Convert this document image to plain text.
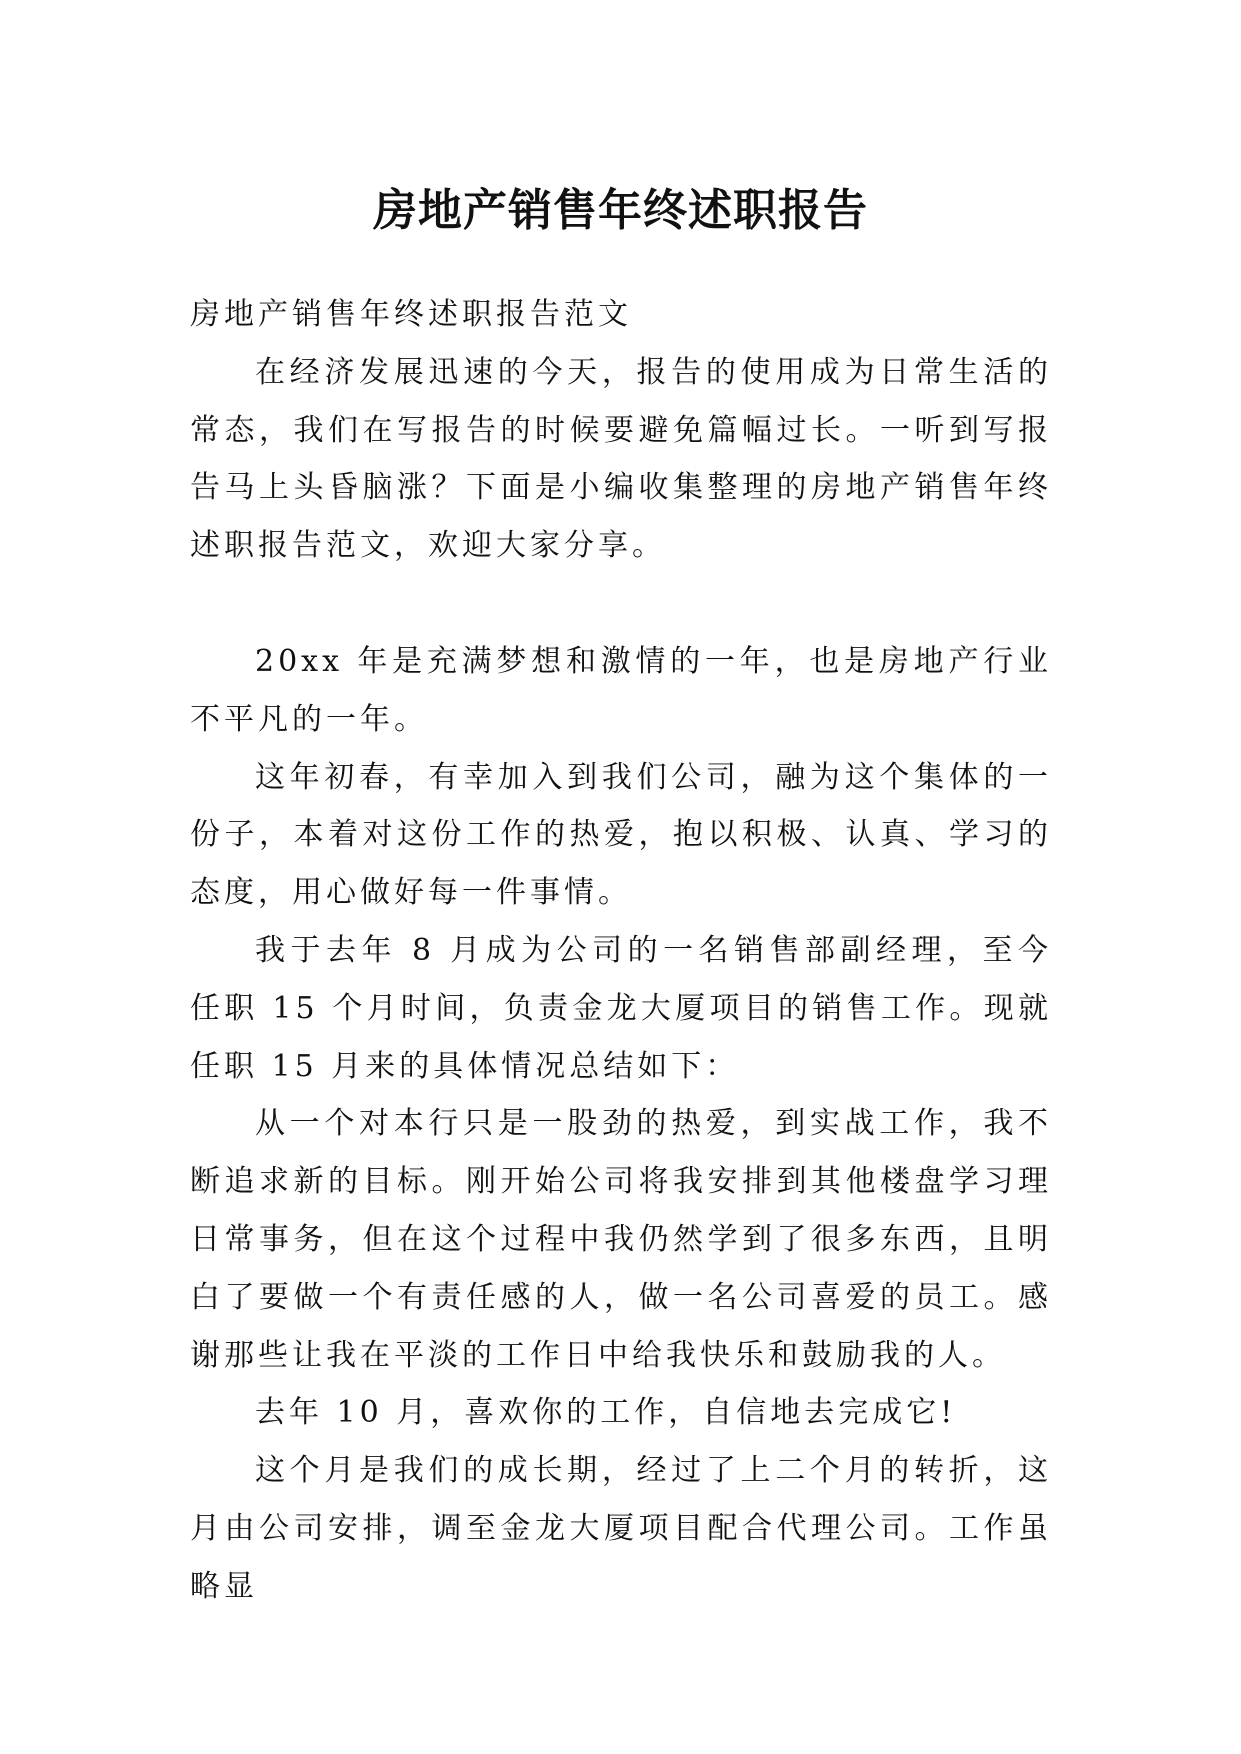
房地产销售年终述职报告

房地产销售年终述职报告范文

在经济发展迅速的今天，报告的使用成为日常生活的常态，我们在写报告的时候要避免篇幅过长。一听到写报告马上头昏脑涨？下面是小编收集整理的房地产销售年终述职报告范文，欢迎大家分享。

20xx 年是充满梦想和激情的一年，也是房地产行业不平凡的一年。

这年初春，有幸加入到我们公司，融为这个集体的一份子，本着对这份工作的热爱，抱以积极、认真、学习的态度，用心做好每一件事情。

我于去年 8 月成为公司的一名销售部副经理，至今任职 15 个月时间，负责金龙大厦项目的销售工作。现就任职 15 月来的具体情况总结如下：

从一个对本行只是一股劲的热爱，到实战工作，我不断追求新的目标。刚开始公司将我安排到其他楼盘学习理日常事务，但在这个过程中我仍然学到了很多东西，且明白了要做一个有责任感的人，做一名公司喜爱的员工。感谢那些让我在平淡的工作日中给我快乐和鼓励我的人。

去年 10 月，喜欢你的工作，自信地去完成它!

这个月是我们的成长期，经过了上二个月的转折，这月由公司安排，调至金龙大厦项目配合代理公司。工作虽略显
